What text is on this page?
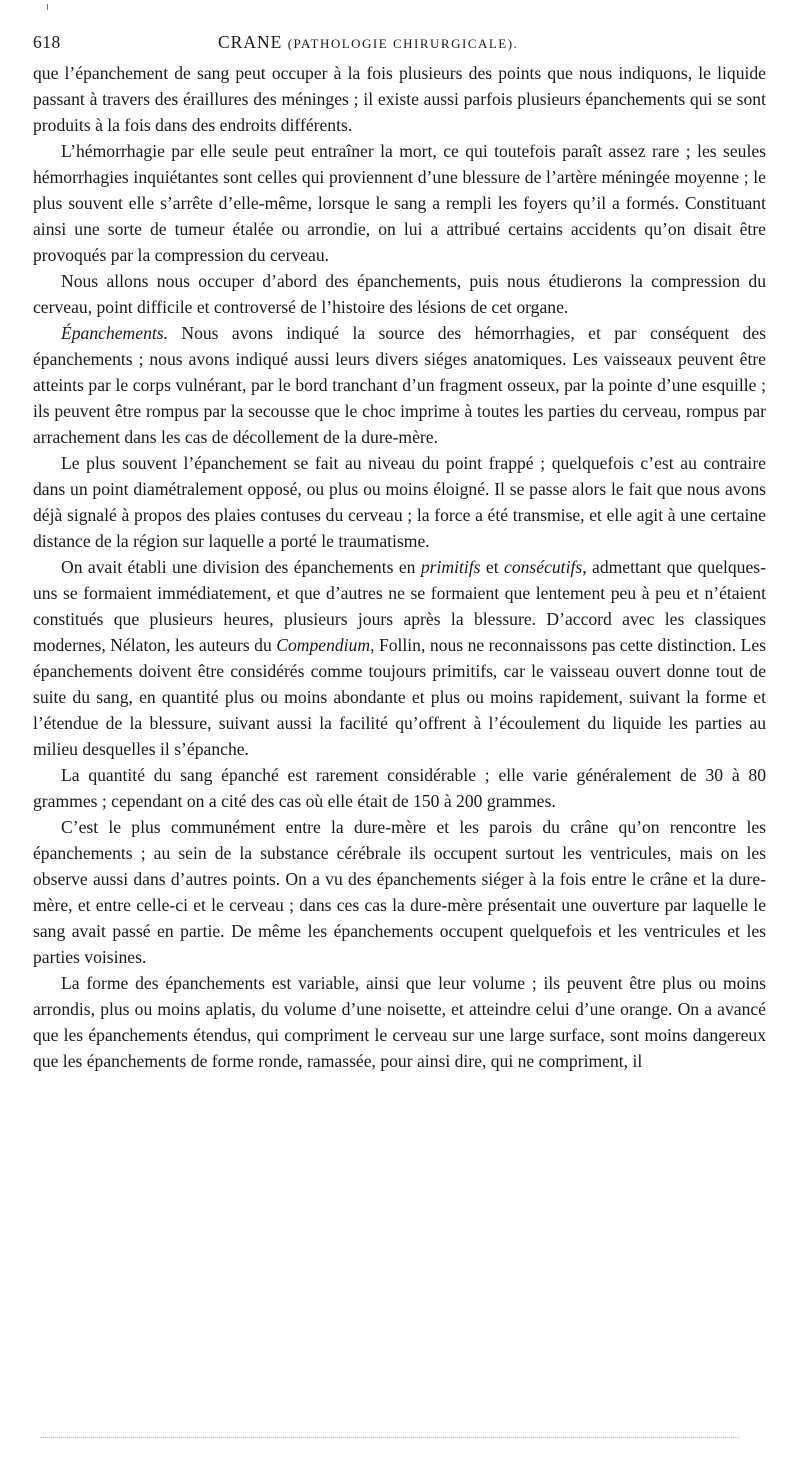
618	CRANE (PATHOLOGIE CHIRURGICALE).

que l’épanchement de sang peut occuper à la fois plusieurs des points que nous indiquons, le liquide passant à travers des éraillures des méninges ; il existe aussi parfois plusieurs épanchements qui se sont produits à la fois dans des endroits différents.

L’hémorrhagie par elle seule peut entraîner la mort, ce qui toutefois paraît assez rare ; les seules hémorrhagies inquiétantes sont celles qui proviennent d’une blessure de l’artère méningée moyenne ; le plus souvent elle s’arrête d’elle-même, lorsque le sang a rempli les foyers qu’il a formés. Constituant ainsi une sorte de tumeur étalée ou arrondie, on lui a attribué certains accidents qu’on disait être provoqués par la compression du cerveau.

Nous allons nous occuper d’abord des épanchements, puis nous étudierons la compression du cerveau, point difficile et controversé de l’histoire des lésions de cet organe.

Épanchements. Nous avons indiqué la source des hémorrhagies, et par conséquent des épanchements ; nous avons indiqué aussi leurs divers siéges anatomiques. Les vaisseaux peuvent être atteints par le corps vulnérant, par le bord tranchant d’un fragment osseux, par la pointe d’une esquille ; ils peuvent être rompus par la secousse que le choc imprime à toutes les parties du cerveau, rompus par arrachement dans les cas de décollement de la dure-mère.

Le plus souvent l’épanchement se fait au niveau du point frappé ; quelquefois c’est au contraire dans un point diamétralement opposé, ou plus ou moins éloigné. Il se passe alors le fait que nous avons déjà signalé à propos des plaies contuses du cerveau ; la force a été transmise, et elle agit à une certaine distance de la région sur laquelle a porté le traumatisme.

On avait établi une division des épanchements en primitifs et consécutifs, admettant que quelques-uns se formaient immédiatement, et que d’autres ne se formaient que lentement peu à peu et n’étaient constitués que plusieurs heures, plusieurs jours après la blessure. D’accord avec les classiques modernes, Nélaton, les auteurs du Compendium, Follin, nous ne reconnaissons pas cette distinction. Les épanchements doivent être considérés comme toujours primitifs, car le vaisseau ouvert donne tout de suite du sang, en quantité plus ou moins abondante et plus ou moins rapidement, suivant la forme et l’étendue de la blessure, suivant aussi la facilité qu’offrent à l’écoulement du liquide les parties au milieu desquelles il s’épanche.

La quantité du sang épanché est rarement considérable ; elle varie généralement de 30 à 80 grammes ; cependant on a cité des cas où elle était de 150 à 200 grammes.

C’est le plus communément entre la dure-mère et les parois du crâne qu’on rencontre les épanchements ; au sein de la substance cérébrale ils occupent surtout les ventricules, mais on les observe aussi dans d’autres points. On a vu des épanchements siéger à la fois entre le crâne et la dure-mère, et entre celle-ci et le cerveau ; dans ces cas la dure-mère présentait une ouverture par laquelle le sang avait passé en partie. De même les épanchements occupent quelquefois et les ventricules et les parties voisines.

La forme des épanchements est variable, ainsi que leur volume ; ils peuvent être plus ou moins arrondis, plus ou moins aplatis, du volume d’une noisette, et atteindre celui d’une orange. On a avancé que les épanchements étendus, qui compriment le cerveau sur une large surface, sont moins dangereux que les épanchements de forme ronde, ramassée, pour ainsi dire, qui ne compriment, il
